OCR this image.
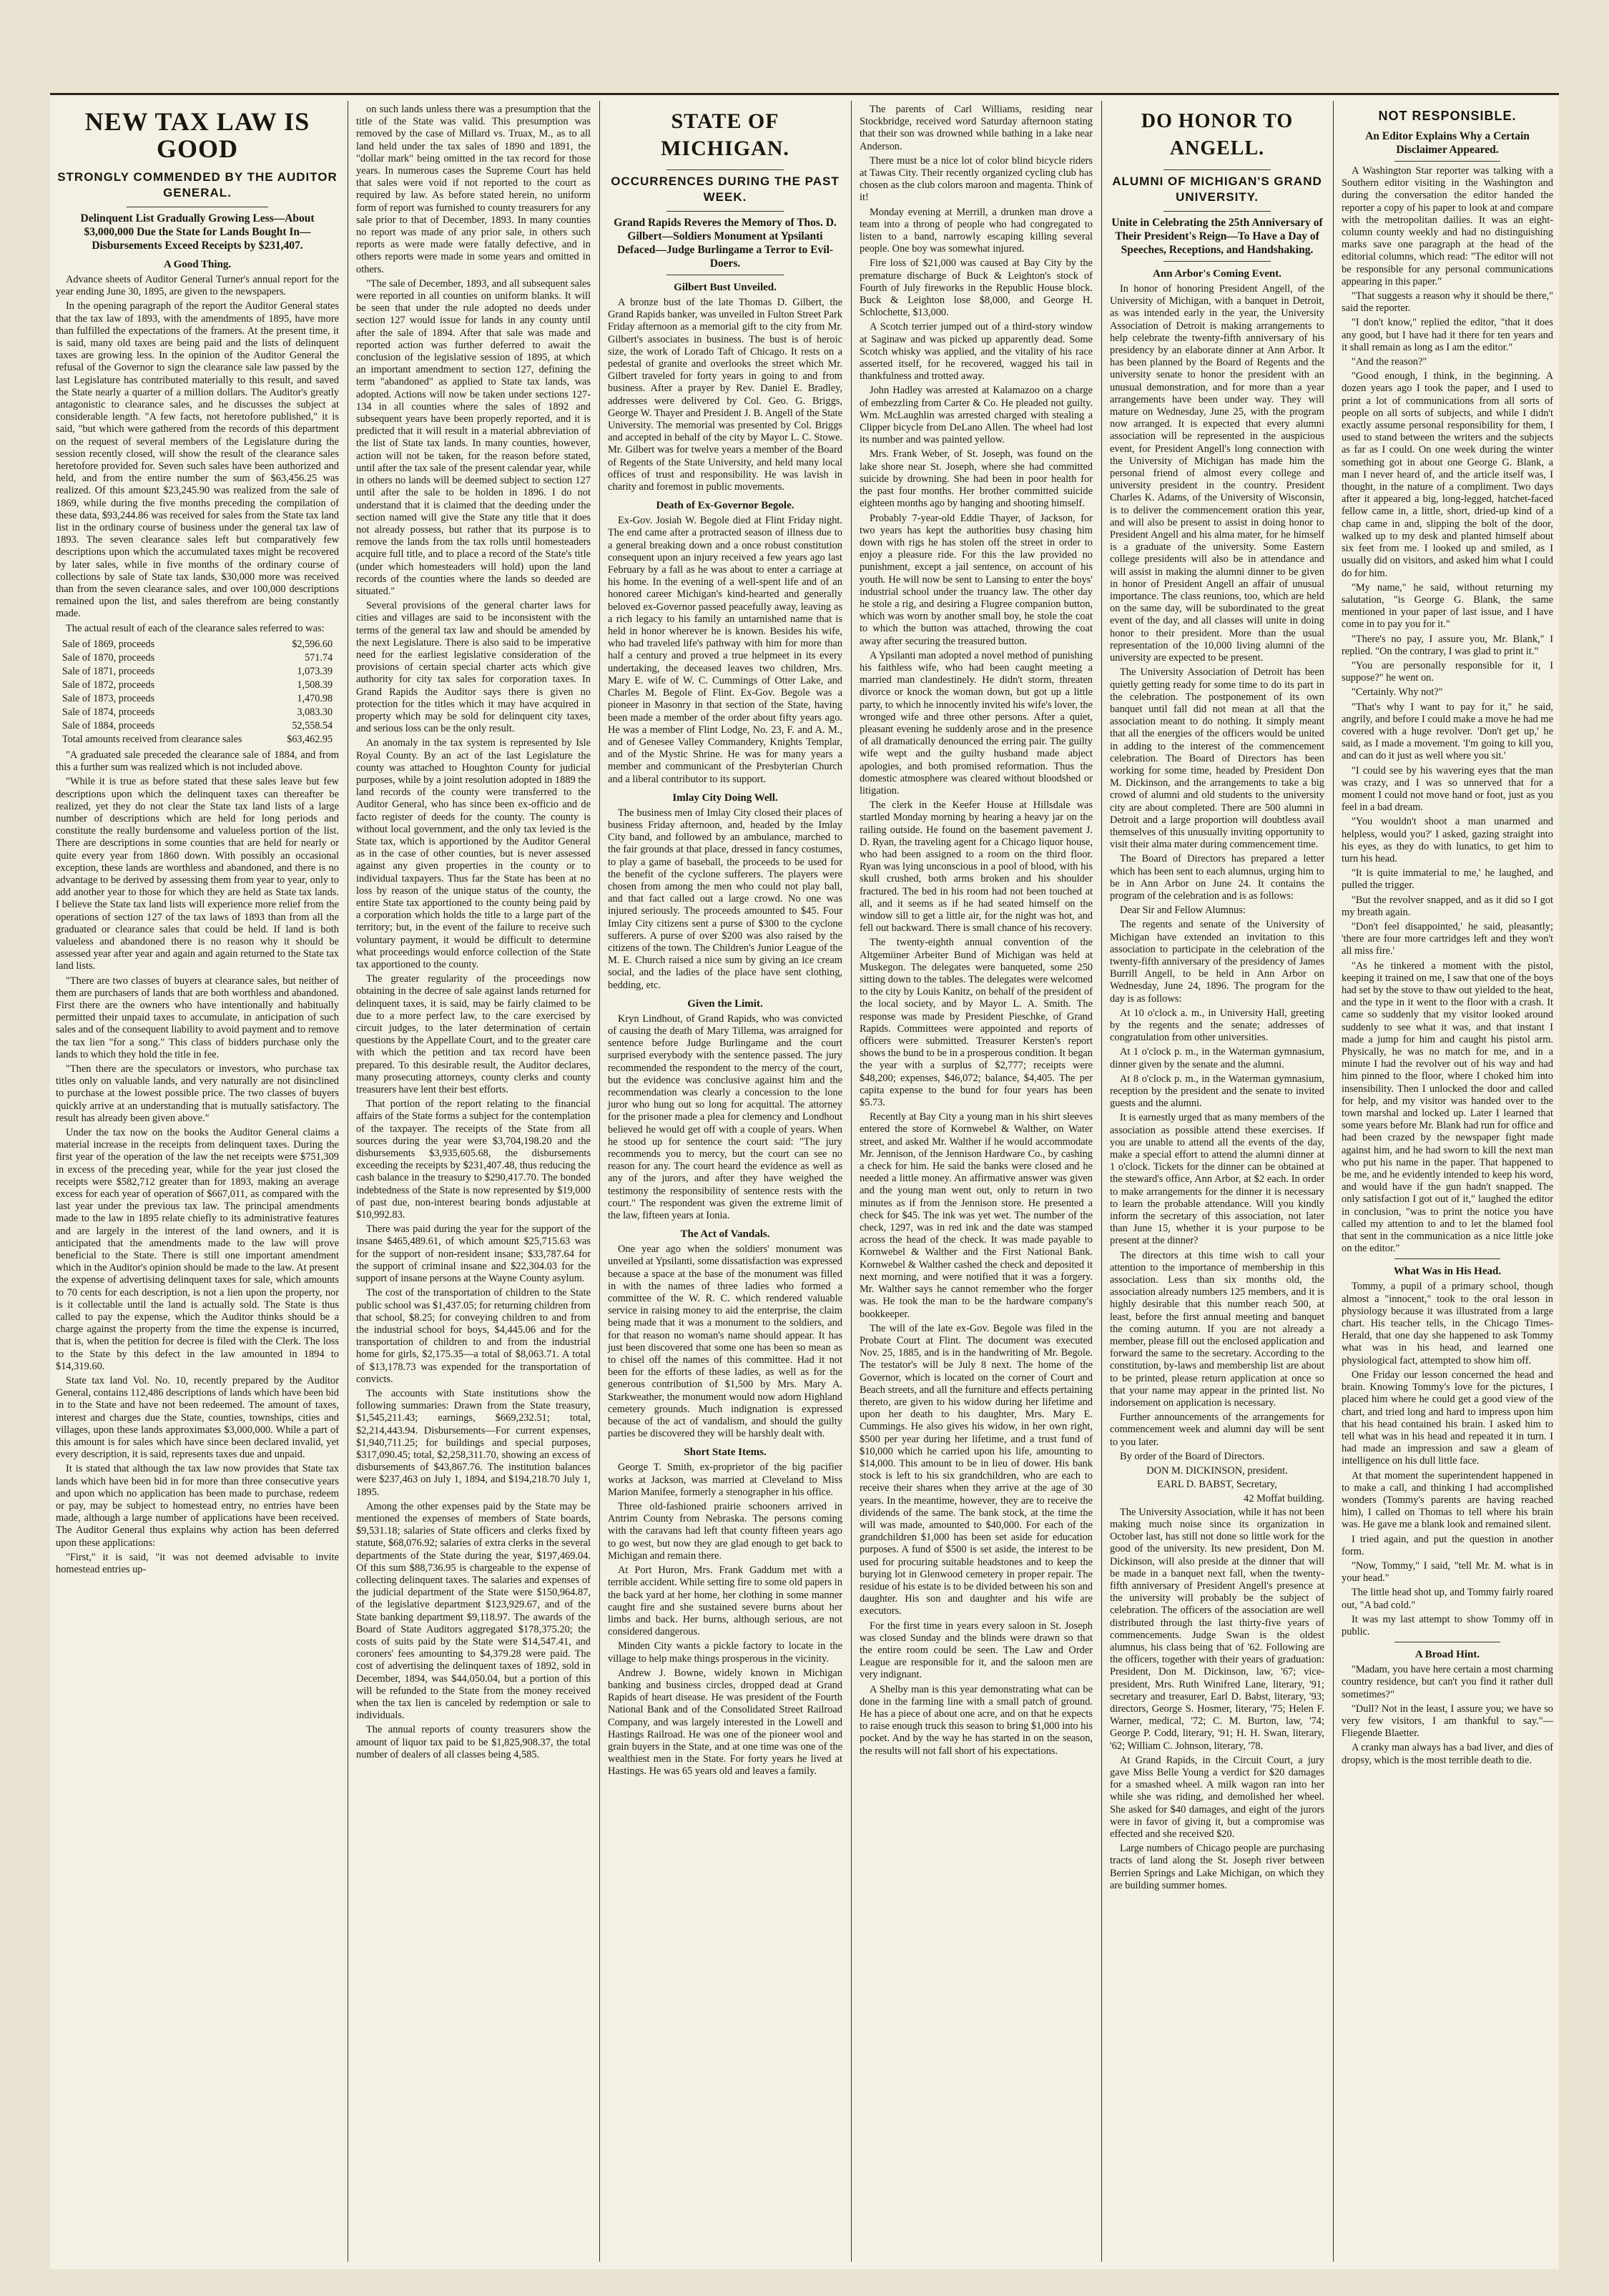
NEW TAX LAW IS GOOD
STRONGLY COMMENDED BY THE AUDITOR GENERAL.
Delinquent List Gradually Growing Less—About $3,000,000 Due the State for Lands Bought In—Disbursements Exceed Receipts by $231,407.
A Good Thing.

Advance sheets of Auditor General Turner's annual report for the year ending June 30, 1895, are given to the newspapers.

In the opening paragraph of the report the Auditor General states that the tax law of 1893, with the amendments of 1895, have more than fulfilled the expectations of the framers. At the present time, it is said, many old taxes are being paid and the lists of delinquent taxes are growing less. In the opinion of the Auditor General the refusal of the Governor to sign the clearance sale law passed by the last Legislature has contributed materially to this result, and saved the State nearly a quarter of a million dollars. The Auditor's greatly antagonistic to clearance sales, and he discusses the subject at considerable length. "A few facts, not heretofore published," it is said, "but which were gathered from the records of this department on the request of several members of the Legislature during the session recently closed, will show the result of the clearance sales heretofore provided for. Seven such sales have been authorized and held, and from the entire number the sum of $63,456.25 was realized. Of this amount $23,245.90 was realized from the sale of 1869, while during the five months preceding the compilation of these data, $93,244.86 was received for sales from the State tax land list in the ordinary course of business under the general tax law of 1893. The seven clearance sales left but comparatively few descriptions upon which the accumulated taxes might be recovered by later sales, while in five months of the ordinary course of collections by sale of State tax lands, $30,000 more was received than from the seven clearance sales, and over 100,000 descriptions remained upon the list, and sales therefrom are being constantly made.

The actual result of each of the clearance sales referred to was:

Sale of 1869, proceeds	$2,596.60
Sale of 1870, proceeds	571.74
Sale of 1871, proceeds	1,073.39
Sale of 1872, proceeds	1,508.39
Sale of 1873, proceeds	1,470.98
Sale of 1874, proceeds	3,083.30
Sale of 1884, proceeds	52,558.54
Total amounts received from clearance sales	$63,462.95

"A graduated sale preceded the clearance sale of 1884, and from this a further sum was realized which is not included above.

"While it is true as before stated that these sales leave but few descriptions upon which the delinquent taxes can thereafter be realized, yet they do not clear the State tax land lists of a large number of descriptions which are held for long periods and constitute the really burdensome and valueless portion of the list. There are descriptions in some counties that are held for nearly or quite every year from 1860 down. With possibly an occasional exception, these lands are worthless and abandoned, and there is no advantage to be derived by assessing them from year to year, only to add another year to those for which they are held as State tax lands. I believe the State tax land lists will experience more relief from the operations of section 127 of the tax laws of 1893 than from all the graduated or clearance sales that could be held. If land is both valueless and abandoned there is no reason why it should be assessed year after year and again and again returned to the State tax land lists.

"There are two classes of buyers at clearance sales, but neither of them are purchasers of lands that are both worthless and abandoned. First there are the owners who have intentionally and habitually permitted their unpaid taxes to accumulate, in anticipation of such sales and of the consequent liability to avoid payment and to remove the tax lien "for a song." This class of bidders purchase only the lands to which they hold the title in fee.

"Then there are the speculators or investors, who purchase tax titles only on valuable lands, and very naturally are not disinclined to purchase at the lowest possible price. The two classes of buyers quickly arrive at an understanding that is mutually satisfactory. The result has already been given above."

Under the tax now on the books the Auditor General claims a material increase in the receipts from delinquent taxes. During the first year of the operation of the law the net receipts were $751,309 in excess of the preceding year, while for the year just closed the receipts were $582,712 greater than for 1893, making an average excess for each year of operation of $667,011, as compared with the last year under the previous tax law. The principal amendments made to the law in 1895 relate chiefly to its administrative features and are largely in the interest of the land owners, and it is anticipated that the amendments made to the law will prove beneficial to the State. There is still one important amendment which in the Auditor's opinion should be made to the law. At present the expense of advertising delinquent taxes for sale, which amounts to 70 cents for each description, is not a lien upon the property, nor is it collectable until the land is actually sold. The State is thus called to pay the expense, which the Auditor thinks should be a charge against the property from the time the expense is incurred, that is, when the petition for decree is filed with the Clerk. The loss to the State by this defect in the law amounted in 1894 to $14,319.60.

State tax land Vol. No. 10, recently prepared by the Auditor General, contains 112,486 descriptions of lands which have been bid in to the State and have not been redeemed. The amount of taxes, interest and charges due the State, counties, townships, cities and villages, upon these lands approximates $3,000,000. While a part of this amount is for sales which have since been declared invalid, yet every description, it is said, represents taxes due and unpaid.

It is stated that although the tax law now provides that State tax lands which have been bid in for more than three consecutive years and upon which no application has been made to purchase, redeem or pay, may be subject to homestead entry, no entries have been made, although a large number of applications have been received. The Auditor General thus explains why action has been deferred upon these applications:

"First," it is said, "it was not deemed advisable to invite homestead entries up-

on such lands unless there was a presumption that the title of the State was valid. This presumption was removed by the case of Millard vs. Truax, M., as to all land held under the tax sales of 1890 and 1891, the "dollar mark" being omitted in the tax record for those years. In numerous cases the Supreme Court has held that sales were void if not reported to the court as required by law. As before stated herein, no uniform form of report was furnished to county treasurers for any sale prior to that of December, 1893. In many counties no report was made of any prior sale, in others such reports as were made were fatally defective, and in others reports were made in some years and omitted in others.

"The sale of December, 1893, and all subsequent sales were reported in all counties on uniform blanks. It will be seen that under the rule adopted no deeds under section 127 would issue for lands in any county until after the sale of 1894. After that sale was made and reported action was further deferred to await the conclusion of the legislative session of 1895, at which an important amendment to section 127, defining the term "abandoned" as applied to State tax lands, was adopted. Actions will now be taken under sections 127-134 in all counties where the sales of 1892 and subsequent years have been properly reported, and it is predicted that it will result in a material abbreviation of the list of State tax lands. In many counties, however, action will not be taken, for the reason before stated, until after the tax sale of the present calendar year, while in others no lands will be deemed subject to section 127 until after the sale to be holden in 1896. I do not understand that it is claimed that the deeding under the section named will give the State any title that it does not already possess, but rather that its purpose is to remove the lands from the tax rolls until homesteaders acquire full title, and to place a record of the State's title (under which homesteaders will hold) upon the land records of the counties where the lands so deeded are situated."

Several provisions of the general charter laws for cities and villages are said to be inconsistent with the terms of the general tax law and should be amended by the next Legislature. There is also said to be imperative need for the earliest legislative consideration of the provisions of certain special charter acts which give authority for city tax sales for corporation taxes. In Grand Rapids the Auditor says there is given no protection for the titles which it may have acquired in property which may be sold for delinquent city taxes, and serious loss can be the only result.

An anomaly in the tax system is represented by Isle Royal County. By an act of the last Legislature the county was attached to Houghton County for judicial purposes, while by a joint resolution adopted in 1889 the land records of the county were transferred to the Auditor General, who has since been ex-officio and de facto register of deeds for the county. The county is without local government, and the only tax levied is the State tax, which is apportioned by the Auditor General as in the case of other counties, but is never assessed against any given properties in the county or to individual taxpayers. Thus far the State has been at no loss by reason of the unique status of the county, the entire State tax apportioned to the county being paid by a corporation which holds the title to a large part of the territory; but, in the event of the failure to receive such voluntary payment, it would be difficult to determine what proceedings would enforce collection of the State tax apportioned to the county.

The greater regularity of the proceedings now obtaining in the decree of sale against lands returned for delinquent taxes, it is said, may be fairly claimed to be due to a more perfect law, to the care exercised by circuit judges, to the later determination of certain questions by the Appellate Court, and to the greater care with which the petition and tax record have been prepared. To this desirable result, the Auditor declares, many prosecuting attorneys, county clerks and county treasurers have lent their best efforts.

That portion of the report relating to the financial affairs of the State forms a subject for the contemplation of the taxpayer. The receipts of the State from all sources during the year were $3,704,198.20 and the disbursements $3,935,605.68, the disbursements exceeding the receipts by $231,407.48, thus reducing the cash balance in the treasury to $290,417.70. The bonded indebtedness of the State is now represented by $19,000 of past due, non-interest bearing bonds adjustable at $10,992.83.

There was paid during the year for the support of the insane $465,489.61, of which amount $25,715.63 was for the support of non-resident insane; $33,787.64 for the support of criminal insane and $22,304.03 for the support of insane persons at the Wayne County asylum.

The cost of the transportation of children to the State public school was $1,437.05; for returning children from that school, $8.25; for conveying children to and from the industrial school for boys, $4,445.06 and for the transportation of children to and from the industrial home for girls, $2,175.35—a total of $8,063.71. A total of $13,178.73 was expended for the transportation of convicts.

The accounts with State institutions show the following summaries: Drawn from the State treasury, $1,545,211.43; earnings, $669,232.51; total, $2,214,443.94. Disbursements—For current expenses, $1,940,711.25; for buildings and special purposes, $317,090.45; total, $2,258,311.70, showing an excess of disbursements of $43,867.76. The institution balances were $237,463 on July 1, 1894, and $194,218.70 July 1, 1895.

Among the other expenses paid by the State may be mentioned the expenses of members of State boards, $9,531.18; salaries of State officers and clerks fixed by statute, $68,076.92; salaries of extra clerks in the several departments of the State during the year, $197,469.04. Of this sum $88,736.95 is chargeable to the expense of collecting delinquent taxes. The salaries and expenses of the judicial department of the State were $150,964.87, of the legislative department $123,929.67, and of the State banking department $9,118.97. The awards of the Board of State Auditors aggregated $178,375.20; the costs of suits paid by the State were $14,547.41, and coroners' fees amounting to $4,379.28 were paid. The cost of advertising the delinquent taxes of 1892, sold in December, 1894, was $44,050.04, but a portion of this will be refunded to the State from the money received when the tax lien is canceled by redemption or sale to individuals.

The annual reports of county treasurers show the amount of liquor tax paid to be $1,825,908.37, the total number of dealers of all classes being 4,585.

STATE OF MICHIGAN.
OCCURRENCES DURING THE PAST WEEK.
Grand Rapids Reveres the Memory of Thos. D. Gilbert—Soldiers Monument at Ypsilanti Defaced—Judge Burlingame a Terror to Evil-Doers.
Gilbert Bust Unveiled.

A bronze bust of the late Thomas D. Gilbert, the Grand Rapids banker, was unveiled in Fulton Street Park Friday afternoon as a memorial gift to the city from Mr. Gilbert's associates in business. The bust is of heroic size, the work of Lorado Taft of Chicago. It rests on a pedestal of granite and overlooks the street which Mr. Gilbert traveled for forty years in going to and from business. After a prayer by Rev. Daniel E. Bradley, addresses were delivered by Col. Geo. G. Briggs, George W. Thayer and President J. B. Angell of the State University. The memorial was presented by Col. Briggs and accepted in behalf of the city by Mayor L. C. Stowe. Mr. Gilbert was for twelve years a member of the Board of Regents of the State University, and held many local offices of trust and responsibility. He was lavish in charity and foremost in public movements.

Death of Ex-Governor Begole.

Ex-Gov. Josiah W. Begole died at Flint Friday night. The end came after a protracted season of illness due to a general breaking down and a once robust constitution consequent upon an injury received a few years ago last February by a fall as he was about to enter a carriage at his home. In the evening of a well-spent life and of an honored career Michigan's kind-hearted and generally beloved ex-Governor passed peacefully away, leaving as a rich legacy to his family an untarnished name that is held in honor wherever he is known. Besides his wife, who had traveled life's pathway with him for more than half a century and proved a true helpmeet in its every undertaking, the deceased leaves two children, Mrs. Mary E. wife of W. C. Cummings of Otter Lake, and Charles M. Begole of Flint. Ex-Gov. Begole was a pioneer in Masonry in that section of the State, having been made a member of the order about fifty years ago. He was a member of Flint Lodge, No. 23, F. and A. M., and of Genesee Valley Commandery, Knights Templar, and of the Mystic Shrine. He was for many years a member and communicant of the Presbyterian Church and a liberal contributor to its support.

Imlay City Doing Well.

The business men of Imlay City closed their places of business Friday afternoon, and, headed by the Imlay City band, and followed by an ambulance, marched to the fair grounds at that place, dressed in fancy costumes, to play a game of baseball, the proceeds to be used for the benefit of the cyclone sufferers. The players were chosen from among the men who could not play ball, and that fact called out a large crowd. No one was injured seriously. The proceeds amounted to $45. Four Imlay City citizens sent a purse of $300 to the cyclone sufferers. A purse of over $200 was also raised by the citizens of the town. The Children's Junior League of the M. E. Church raised a nice sum by giving an ice cream social, and the ladies of the place have sent clothing, bedding, etc.

Given the Limit.

Kryn Lindhout, of Grand Rapids, who was convicted of causing the death of Mary Tillema, was arraigned for sentence before Judge Burlingame and the court surprised everybody with the sentence passed. The jury recommended the respondent to the mercy of the court, but the evidence was conclusive against him and the recommendation was clearly a concession to the lone juror who hung out so long for acquittal. The attorney for the prisoner made a plea for clemency and Londhout believed he would get off with a couple of years. When he stood up for sentence the court said: "The jury recommends you to mercy, but the court can see no reason for any. The court heard the evidence as well as any of the jurors, and after they have weighed the testimony the responsibility of sentence rests with the court." The respondent was given the extreme limit of the law, fifteen years at Ionia.

The Act of Vandals.

One year ago when the soldiers' monument was unveiled at Ypsilanti, some dissatisfaction was expressed because a space at the base of the monument was filled in with the names of three ladies who formed a committee of the W. R. C. which rendered valuable service in raising money to aid the enterprise, the claim being made that it was a monument to the soldiers, and for that reason no woman's name should appear. It has just been discovered that some one has been so mean as to chisel off the names of this committee. Had it not been for the efforts of these ladies, as well as for the generous contribution of $1,500 by Mrs. Mary A. Starkweather, the monument would now adorn Highland cemetery grounds. Much indignation is expressed because of the act of vandalism, and should the guilty parties be discovered they will be harshly dealt with.

Short State Items.

George T. Smith, ex-proprietor of the big pacifier works at Jackson, was married at Cleveland to Miss Marion Manifee, formerly a stenographer in his office.

Three old-fashioned prairie schooners arrived in Antrim County from Nebraska. The persons coming with the caravans had left that county fifteen years ago to go west, but now they are glad enough to get back to Michigan and remain there.

At Port Huron, Mrs. Frank Gaddum met with a terrible accident. While setting fire to some old papers in the back yard at her home, her clothing in some manner caught fire and she sustained severe burns about her limbs and back. Her burns, although serious, are not considered dangerous.

Minden City wants a pickle factory to locate in the village to help make things prosperous in the vicinity.

Andrew J. Bowne, widely known in Michigan banking and business circles, dropped dead at Grand Rapids of heart disease. He was president of the Fourth National Bank and of the Consolidated Street Railroad Company, and was largely interested in the Lowell and Hastings Railroad. He was one of the pioneer wool and grain buyers in the State, and at one time was one of the wealthiest men in the State. For forty years he lived at Hastings. He was 65 years old and leaves a family.

The parents of Carl Williams, residing near Stockbridge, received word Saturday afternoon stating that their son was drowned while bathing in a lake near Anderson.

There must be a nice lot of color blind bicycle riders at Tawas City. Their recently organized cycling club has chosen as the club colors maroon and magenta. Think of it!

Monday evening at Merrill, a drunken man drove a team into a throng of people who had congregated to listen to a band, narrowly escaping killing several people. One boy was somewhat injured.

Fire loss of $21,000 was caused at Bay City by the premature discharge of Buck & Leighton's stock of Fourth of July fireworks in the Republic House block. Buck & Leighton lose $8,000, and George H. Schlochette, $13,000.

A Scotch terrier jumped out of a third-story window at Saginaw and was picked up apparently dead. Some Scotch whisky was applied, and the vitality of his race asserted itself, for he recovered, wagged his tail in thankfulness and trotted away.

John Hadley was arrested at Kalamazoo on a charge of embezzling from Carter & Co. He pleaded not guilty. Wm. McLaughlin was arrested charged with stealing a Clipper bicycle from DeLano Allen. The wheel had lost its number and was painted yellow.

Mrs. Frank Weber, of St. Joseph, was found on the lake shore near St. Joseph, where she had committed suicide by drowning. She had been in poor health for the past four months. Her brother committed suicide eighteen months ago by hanging and shooting himself.

Probably 7-year-old Eddie Thayer, of Jackson, for two years has kept the authorities busy chasing him down with rigs he has stolen off the street in order to enjoy a pleasure ride. For this the law provided no punishment, except a jail sentence, on account of his youth. He will now be sent to Lansing to enter the boys' industrial school under the truancy law. The other day he stole a rig, and desiring a Flugree companion button, which was worn by another small boy, he stole the coat to which the button was attached, throwing the coat away after securing the treasured button.

A Ypsilanti man adopted a novel method of punishing his faithless wife, who had been caught meeting a married man clandestinely. He didn't storm, threaten divorce or knock the woman down, but got up a little party, to which he innocently invited his wife's lover, the wronged wife and three other persons. After a quiet, pleasant evening he suddenly arose and in the presence of all dramatically denounced the erring pair. The guilty wife wept and the guilty husband made abject apologies, and both promised reformation. Thus the domestic atmosphere was cleared without bloodshed or litigation.

The clerk in the Keefer House at Hillsdale was startled Monday morning by hearing a heavy jar on the railing outside. He found on the basement pavement J. D. Ryan, the traveling agent for a Chicago liquor house, who had been assigned to a room on the third floor. Ryan was lying unconscious in a pool of blood, with his skull crushed, both arms broken and his shoulder fractured. The bed in his room had not been touched at all, and it seems as if he had seated himself on the window sill to get a little air, for the night was hot, and fell out backward. There is small chance of his recovery.

The twenty-eighth annual convention of the Altgemiiner Arbeiter Bund of Michigan was held at Muskegon. The delegates were banqueted, some 250 sitting down to the tables. The delegates were welcomed to the city by Louis Kanitz, on behalf of the president of the local society, and by Mayor L. A. Smith. The response was made by President Pieschke, of Grand Rapids. Committees were appointed and reports of officers were submitted. Treasurer Kersten's report shows the bund to be in a prosperous condition. It began the year with a surplus of $2,777; receipts were $48,200; expenses, $46,072; balance, $4,405. The per capita expense to the bund for four years has been $5.73.

Recently at Bay City a young man in his shirt sleeves entered the store of Kornwebel & Walther, on Water street, and asked Mr. Walther if he would accommodate Mr. Jennison, of the Jennison Hardware Co., by cashing a check for him. He said the banks were closed and he needed a little money. An affirmative answer was given and the young man went out, only to return in two minutes as if from the Jennison store. He presented a check for $45. The ink was yet wet. The number of the check, 1297, was in red ink and the date was stamped across the head of the check. It was made payable to Kornwebel & Walther and the First National Bank. Kornwebel & Walther cashed the check and deposited it next morning, and were notified that it was a forgery. Mr. Walther says he cannot remember who the forger was. He took the man to be the hardware company's bookkeeper.

The will of the late ex-Gov. Begole was filed in the Probate Court at Flint. The document was executed Nov. 25, 1885, and is in the handwriting of Mr. Begole. The testator's will be July 8 next. The home of the Governor, which is located on the corner of Court and Beach streets, and all the furniture and effects pertaining thereto, are given to his widow during her lifetime and upon her death to his daughter, Mrs. Mary E. Cummings. He also gives his widow, in her own right, $500 per year during her lifetime, and a trust fund of $10,000 which he carried upon his life, amounting to $14,000. This amount to be in lieu of dower. His bank stock is left to his six grandchildren, who are each to receive their shares when they arrive at the age of 30 years. In the meantime, however, they are to receive the dividends of the same. The bank stock, at the time the will was made, amounted to $40,000. For each of the grandchildren $1,000 has been set aside for education purposes. A fund of $500 is set aside, the interest to be used for procuring suitable headstones and to keep the burying lot in Glenwood cemetery in proper repair. The residue of his estate is to be divided between his son and daughter. His son and daughter and his wife are executors.

For the first time in years every saloon in St. Joseph was closed Sunday and the blinds were drawn so that the entire room could be seen. The Law and Order League are responsible for it, and the saloon men are very indignant.

A Shelby man is this year demonstrating what can be done in the farming line with a small patch of ground. He has a piece of about one acre, and on that he expects to raise enough truck this season to bring $1,000 into his pocket. And by the way he has started in on the season, the results will not fall short of his expectations.

DO HONOR TO ANGELL.
ALUMNI OF MICHIGAN'S GRAND UNIVERSITY.
Unite in Celebrating the 25th Anniversary of Their President's Reign—To Have a Day of Speeches, Receptions, and Handshaking.
Ann Arbor's Coming Event.

In honor of honoring President Angell, of the University of Michigan, with a banquet in Detroit, as was intended early in the year, the University Association of Detroit is making arrangements to help celebrate the twenty-fifth anniversary of his presidency by an elaborate dinner at Ann Arbor. It has been planned by the Board of Regents and the university senate to honor the president with an unusual demonstration, and for more than a year arrangements have been under way. They will mature on Wednesday, June 25, with the program now arranged. It is expected that every alumni association will be represented in the auspicious event, for President Angell's long connection with the University of Michigan has made him the personal friend of almost every college and university president in the country. President Charles K. Adams, of the University of Wisconsin, is to deliver the commencement oration this year, and will also be present to assist in doing honor to President Angell and his alma mater, for he himself is a graduate of the university. Some Eastern college presidents will also be in attendance and will assist in making the alumni dinner to be given in honor of President Angell an affair of unusual importance. The class reunions, too, which are held on the same day, will be subordinated to the great event of the day, and all classes will unite in doing honor to their president. More than the usual representation of the 10,000 living alumni of the university are expected to be present.

The University Association of Detroit has been quietly getting ready for some time to do its part in the celebration. The postponement of its own banquet until fall did not mean at all that the association meant to do nothing. It simply meant that all the energies of the officers would be united in adding to the interest of the commencement celebration. The Board of Directors has been working for some time, headed by President Don M. Dickinson, and the arrangements to take a big crowd of alumni and old students to the university city are about completed. There are 500 alumni in Detroit and a large proportion will doubtless avail themselves of this unusually inviting opportunity to visit their alma mater during commencement time.

The Board of Directors has prepared a letter which has been sent to each alumnus, urging him to be in Ann Arbor on June 24. It contains the program of the celebration and is as follows:

Dear Sir and Fellow Alumnus:

The regents and senate of the University of Michigan have extended an invitation to this association to participate in the celebration of the twenty-fifth anniversary of the presidency of James Burrill Angell, to be held in Ann Arbor on Wednesday, June 24, 1896. The program for the day is as follows:

At 10 o'clock a. m., in University Hall, greeting by the regents and the senate; addresses of congratulation from other universities.

At 1 o'clock p. m., in the Waterman gymnasium, dinner given by the senate and the alumni.

At 8 o'clock p. m., in the Waterman gymnasium, reception by the president and the senate to invited guests and the alumni.

It is earnestly urged that as many members of the association as possible attend these exercises. If you are unable to attend all the events of the day, make a special effort to attend the alumni dinner at 1 o'clock. Tickets for the dinner can be obtained at the steward's office, Ann Arbor, at $2 each. In order to make arrangements for the dinner it is necessary to learn the probable attendance. Will you kindly inform the secretary of this association, not later than June 15, whether it is your purpose to be present at the dinner?

The directors at this time wish to call your attention to the importance of membership in this association. Less than six months old, the association already numbers 125 members, and it is highly desirable that this number reach 500, at least, before the first annual meeting and banquet the coming autumn. If you are not already a member, please fill out the enclosed application and forward the same to the secretary. According to the constitution, by-laws and membership list are about to be printed, please return application at once so that your name may appear in the printed list. No indorsement on application is necessary.

Further announcements of the arrangements for commencement week and alumni day will be sent to you later.

By order of the Board of Directors.

DON M. DICKINSON, president.
EARL D. BABST, Secretary,
42 Moffat building.

The University Association, while it has not been making much noise since its organization in October last, has still not done so little work for the good of the university. Its new president, Don M. Dickinson, will also preside at the dinner that will be made in a banquet next fall, when the twenty-fifth anniversary of President Angell's presence at the university will probably be the subject of celebration. The officers of the association are well distributed through the last thirty-five years of commencements. Judge Swan is the oldest alumnus, his class being that of '62. Following are the officers, together with their years of graduation: President, Don M. Dickinson, law, '67; vice-president, Mrs. Ruth Winifred Lane, literary, '91; secretary and treasurer, Earl D. Babst, literary, '93; directors, George S. Hosmer, literary, '75; Helen F. Warner, medical, '72; C. M. Burton, law, '74; George P. Codd, literary, '91; H. H. Swan, literary, '62; William C. Johnson, literary, '78.

At Grand Rapids, in the Circuit Court, a jury gave Miss Belle Young a verdict for $20 damages for a smashed wheel. A milk wagon ran into her while she was riding, and demolished her wheel. She asked for $40 damages, and eight of the jurors were in favor of giving it, but a compromise was effected and she received $20.

Large numbers of Chicago people are purchasing tracts of land along the St. Joseph river between Berrien Springs and Lake Michigan, on which they are building summer homes.

NOT RESPONSIBLE.
An Editor Explains Why a Certain Disclaimer Appeared.

A Washington Star reporter was talking with a Southern editor visiting in the Washington and during the conversation the editor handed the reporter a copy of his paper to look at and compare with the metropolitan dailies. It was an eight-column county weekly and had no distinguishing marks save one paragraph at the head of the editorial columns, which read: "The editor will not be responsible for any personal communications appearing in this paper."

"That suggests a reason why it should be there," said the reporter.

"I don't know," replied the editor, "that it does any good, but I have had it there for ten years and it shall remain as long as I am the editor."

"And the reason?"

"Good enough, I think, in the beginning. A dozen years ago I took the paper, and I used to print a lot of communications from all sorts of people on all sorts of subjects, and while I didn't exactly assume personal responsibility for them, I used to stand between the writers and the subjects as far as I could. On one week during the winter something got in about one George G. Blank, a man I never heard of, and the article itself was, I thought, in the nature of a compliment. Two days after it appeared a big, long-legged, hatchet-faced fellow came in, a little, short, dried-up kind of a chap came in and, slipping the bolt of the door, walked up to my desk and planted himself about six feet from me. I looked up and smiled, as I usually did on visitors, and asked him what I could do for him.

"My name," he said, without returning my salutation, "is George G. Blank, the same mentioned in your paper of last issue, and I have come in to pay you for it."

"There's no pay, I assure you, Mr. Blank," I replied. "On the contrary, I was glad to print it."

"You are personally responsible for it, I suppose?" he went on.

"Certainly. Why not?"

"That's why I want to pay for it," he said, angrily, and before I could make a move he had me covered with a huge revolver. 'Don't get up,' he said, as I made a movement. 'I'm going to kill you, and can do it just as well where you sit.'

"I could see by his wavering eyes that the man was crazy, and I was so unnerved that for a moment I could not move hand or foot, just as you feel in a bad dream.

"You wouldn't shoot a man unarmed and helpless, would you?' I asked, gazing straight into his eyes, as they do with lunatics, to get him to turn his head.

"It is quite immaterial to me,' he laughed, and pulled the trigger.

"But the revolver snapped, and as it did so I got my breath again.

"Don't feel disappointed,' he said, pleasantly; 'there are four more cartridges left and they won't all miss fire.'

"As he tinkered a moment with the pistol, keeping it trained on me, I saw that one of the boys had set by the stove to thaw out yielded to the heat, and the type in it went to the floor with a crash. It came so suddenly that my visitor looked around suddenly to see what it was, and that instant I made a jump for him and caught his pistol arm. Physically, he was no match for me, and in a minute I had the revolver out of his way and had him pinned to the floor, where I choked him into insensibility. Then I unlocked the door and called for help, and my visitor was handed over to the town marshal and locked up. Later I learned that some years before Mr. Blank had run for office and had been crazed by the newspaper fight made against him, and he had sworn to kill the next man who put his name in the paper. That happened to be me, and he evidently intended to keep his word, and would have if the gun hadn't snapped. The only satisfaction I got out of it," laughed the editor in conclusion, "was to print the notice you have called my attention to and to let the blamed fool that sent in the communication as a nice little joke on the editor."

What Was in His Head.

Tommy, a pupil of a primary school, though almost a "innocent," took to the oral lesson in physiology because it was illustrated from a large chart. His teacher tells, in the Chicago Times-Herald, that one day she happened to ask Tommy what was in his head, and learned one physiological fact, attempted to show him off.

One Friday our lesson concerned the head and brain. Knowing Tommy's love for the pictures, I placed him where he could get a good view of the chart, and tried long and hard to impress upon him that his head contained his brain. I asked him to tell what was in his head and repeated it in turn. I had made an impression and saw a gleam of intelligence on his dull little face.

At that moment the superintendent happened in to make a call, and thinking I had accomplished wonders (Tommy's parents are having reached him), I called on Thomas to tell where his brain was. He gave me a blank look and remained silent.

I tried again, and put the question in another form.

"Now, Tommy," I said, "tell Mr. M. what is in your head."

The little head shot up, and Tommy fairly roared out, "A bad cold."

It was my last attempt to show Tommy off in public.

A Broad Hint.

"Madam, you have here certain a most charming country residence, but can't you find it rather dull sometimes?"

"Dull? Not in the least, I assure you; we have so very few visitors, I am thankful to say."—Fliegende Blaetter.

A cranky man always has a bad liver, and dies of dropsy, which is the most terrible death to die.
